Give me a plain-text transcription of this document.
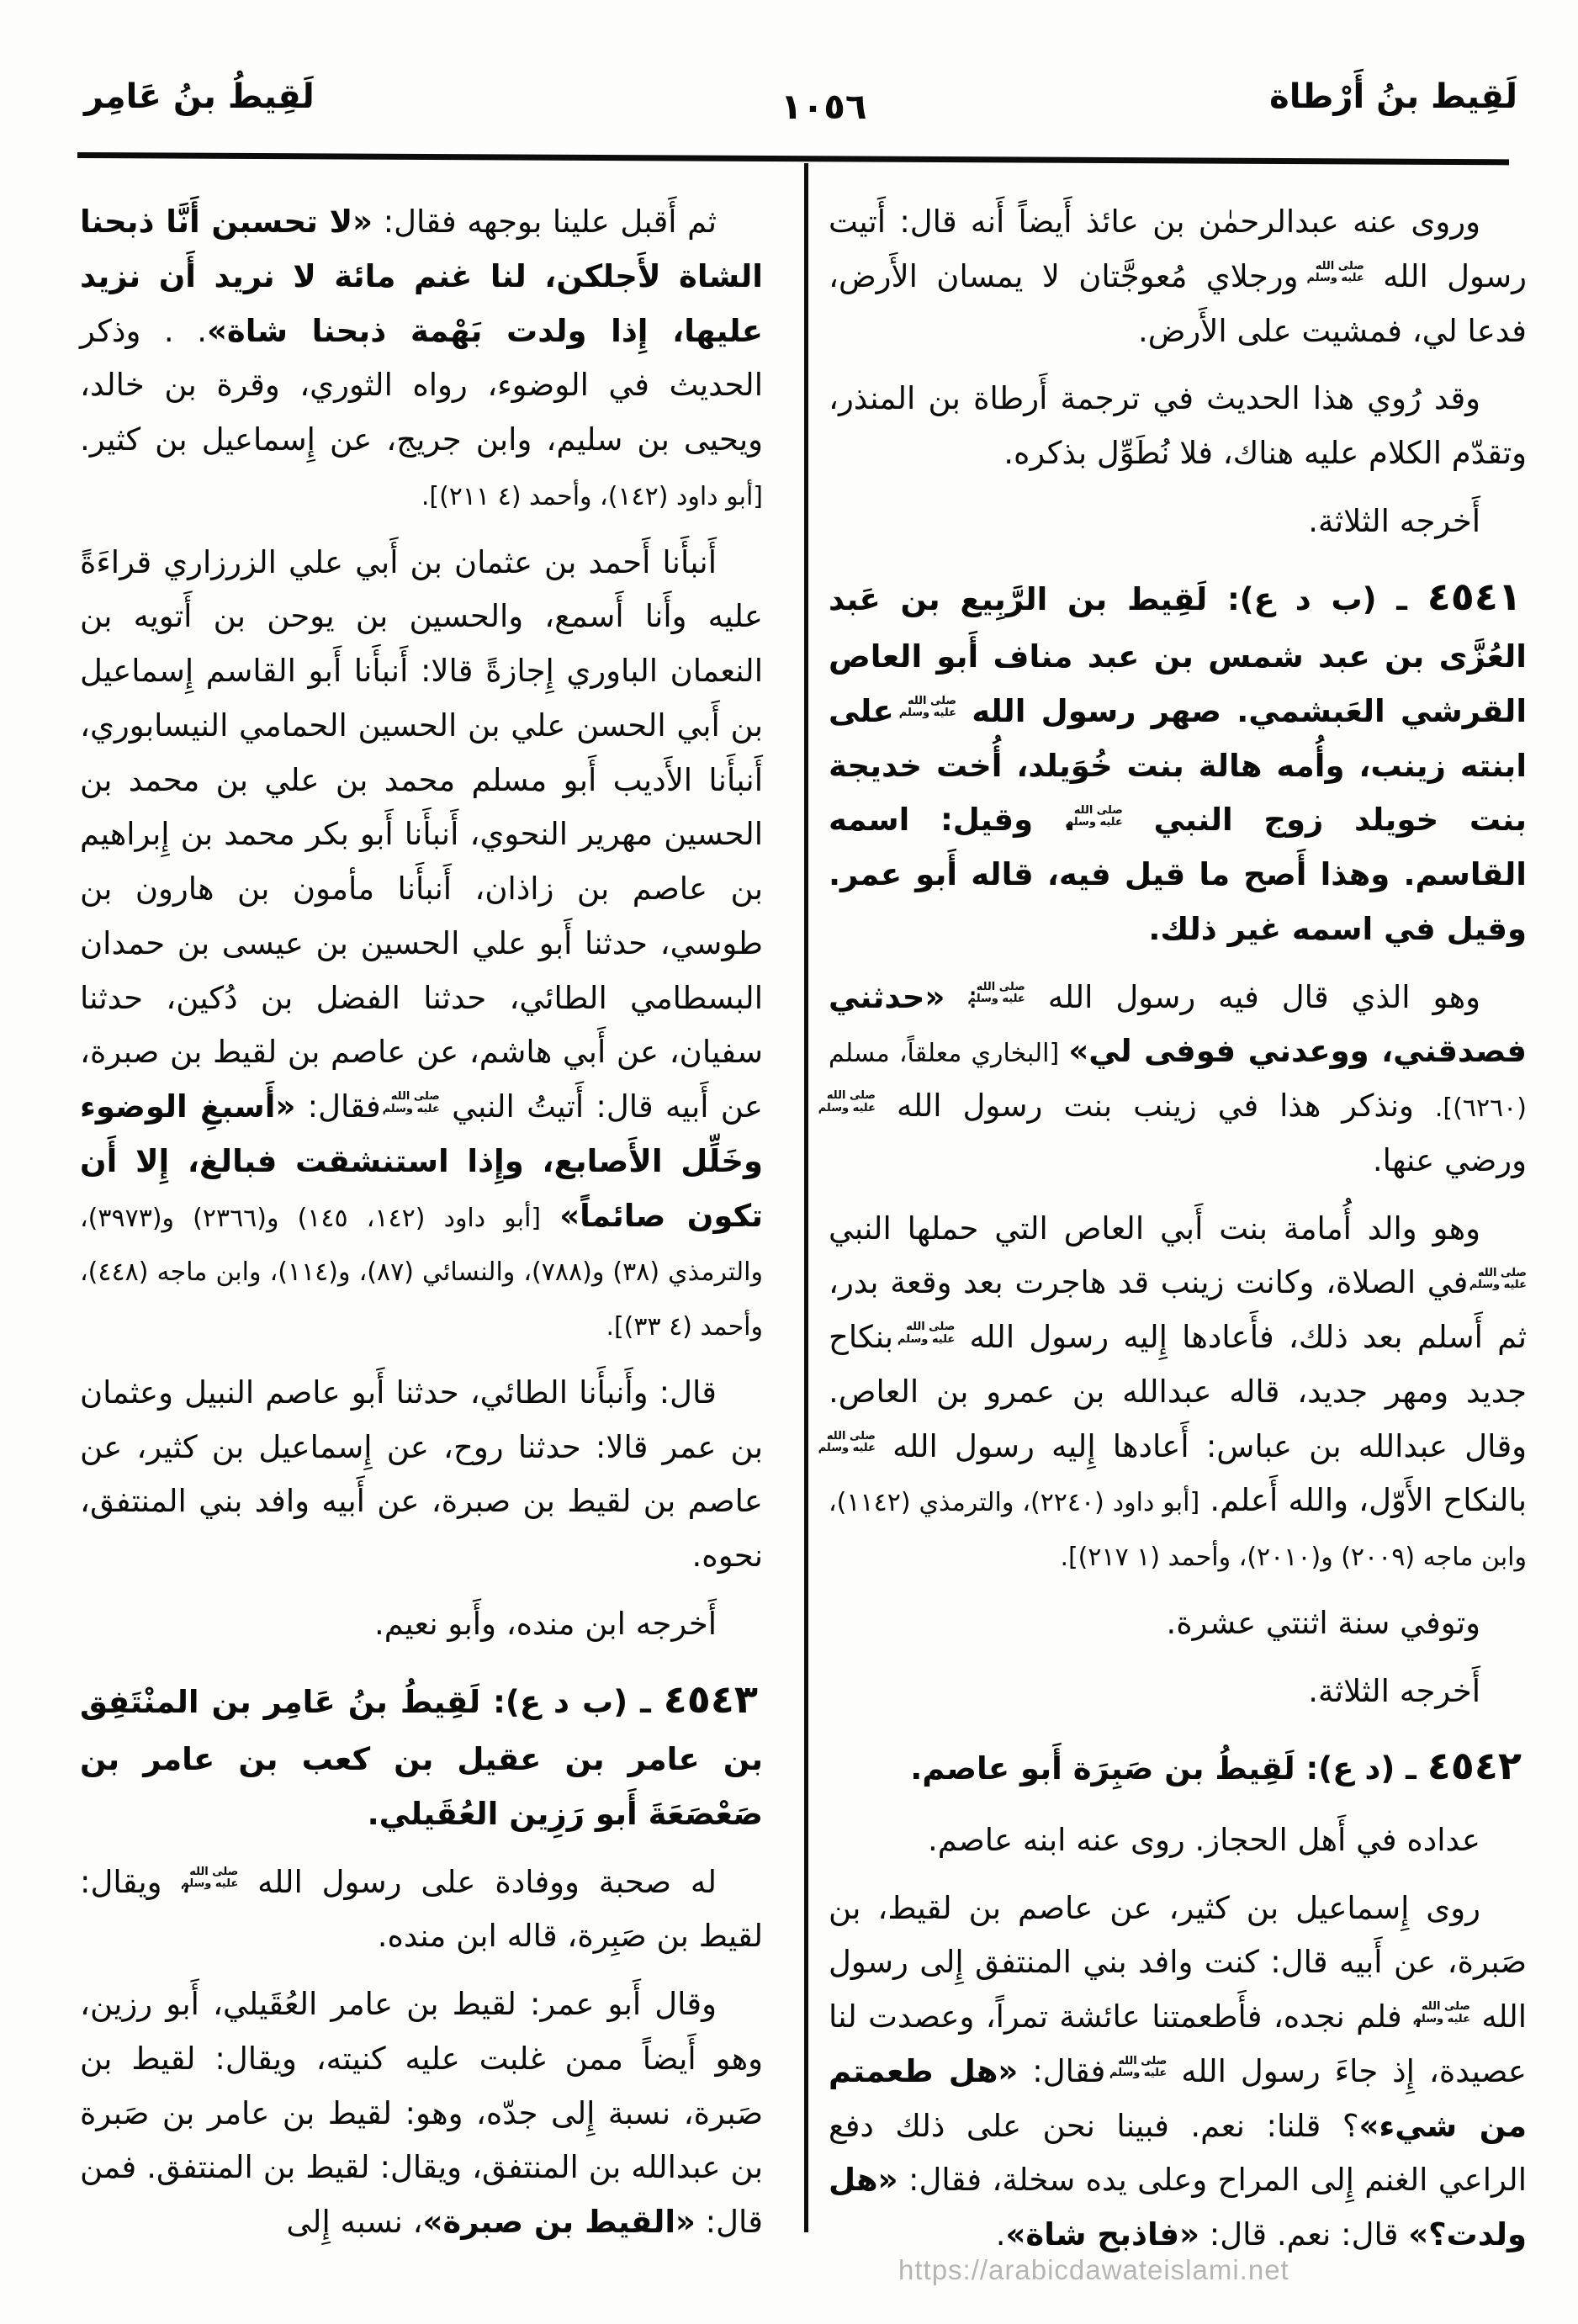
لَقِيط بنُ أَرْطاة
١٠٥٦
لَقِيطُ بنُ عَامِر

وروى عنه عبدالرحمٰن بن عائذ أَيضاً أَنه قال: أَتيت رسول الله
صلى الله
عليه وسلم
ورجلاي مُعوجَّتان لا يمسان الأَرض، فدعا لي، فمشيت على الأَرض.

وقد رُوي هذا الحديث في ترجمة أَرطاة بن المنذر، وتقدّم الكلام عليه هناك، فلا نُطَوِّل بذكره.

أَخرجه الثلاثة.

٤٥٤١ ـ (ب د ع): لَقِيط بن الرَّبِيع بن عَبد العُزَّى بن عبد شمس بن عبد مناف أَبو العاص القرشي العَبشمي. صهر رسول الله
صلى الله
عليه وسلم
على ابنته زينب، وأُمه هالة بنت خُوَيلد، أُخت خديجة بنت خويلد زوج النبي
صلى الله
عليه وسلم
. وقيل: اسمه القاسم. وهذا أَصح ما قيل فيه، قاله أَبو عمر. وقيل في اسمه غير ذلك.

وهو الذي قال فيه رسول الله
صلى الله
عليه وسلم
: «حدثني فصدقني، ووعدني فوفى لي» [البخاري معلقاً، مسلم (٦٢٦٠)]. ونذكر هذا في زينب بنت رسول الله
صلى الله
عليه وسلم
ورضي عنها.

وهو والد أُمامة بنت أَبي العاص التي حملها النبي
صلى الله
عليه وسلم
في الصلاة، وكانت زينب قد هاجرت بعد وقعة بدر، ثم أَسلم بعد ذلك، فأَعادها إِليه رسول الله
صلى الله
عليه وسلم
بنكاح جديد ومهر جديد، قاله عبدالله بن عمرو بن العاص. وقال عبدالله بن عباس: أَعادها إِليه رسول الله
صلى الله
عليه وسلم
بالنكاح الأَوّل، والله أَعلم. [أبو داود (٢٢٤٠)، والترمذي (١١٤٢)، وابن ماجه (٢٠٠٩) و(٢٠١٠)، وأحمد (١ ٢١٧)].

وتوفي سنة اثنتي عشرة.

أَخرجه الثلاثة.

٤٥٤٢ ـ (د ع): لَقِيطُ بن صَبِرَة أَبو عاصم.

عداده في أَهل الحجاز. روى عنه ابنه عاصم.

روى إِسماعيل بن كثير، عن عاصم بن لقيط، بن صَبرة، عن أَبيه قال: كنت وافد بني المنتفق إِلى رسول الله
صلى الله
عليه وسلم
، فلم نجده، فأَطعمتنا عائشة تمراً، وعصدت لنا عصيدة، إِذ جاءَ رسول الله
صلى الله
عليه وسلم
فقال: «هل طعمتم من شيء»؟ قلنا: نعم. فبينا نحن على ذلك دفع الراعي الغنم إِلى المراح وعلى يده سخلة، فقال: «هل ولدت؟» قال: نعم. قال: «فاذبح شاة».

ثم أَقبل علينا بوجهه فقال: «لا تحسبن أَنَّا ذبحنا الشاة لأَجلكن، لنا غنم مائة لا نريد أَن نزيد عليها، إِذا ولدت بَهْمة ذبحنا شاة». . وذكر الحديث في الوضوء، رواه الثوري، وقرة بن خالد، ويحيى بن سليم، وابن جريج، عن إِسماعيل بن كثير. [أبو داود (١٤٢)، وأحمد (٤ ٢١١)].

أَنبأَنا أَحمد بن عثمان بن أَبي علي الزرزاري قراءَةً عليه وأَنا أَسمع، والحسين بن يوحن بن أَتويه بن النعمان الباوري إِجازةً قالا: أَنبأَنا أَبو القاسم إِسماعيل بن أَبي الحسن علي بن الحسين الحمامي النيسابوري، أَنبأَنا الأَديب أَبو مسلم محمد بن علي بن محمد بن الحسين مهرير النحوي، أَنبأَنا أَبو بكر محمد بن إِبراهيم بن عاصم بن زاذان، أَنبأَنا مأمون بن هارون بن طوسي، حدثنا أَبو علي الحسين بن عيسى بن حمدان البسطامي الطائي، حدثنا الفضل بن دُكين، حدثنا سفيان، عن أَبي هاشم، عن عاصم بن لقيط بن صبرة، عن أَبيه قال: أَتيتُ النبي
صلى الله
عليه وسلم
فقال: «أَسبغِ الوضوء وخَلِّل الأَصابع، وإِذا استنشقت فبالغ، إِلا أَن تكون صائماً» [أبو داود (١٤٢، ١٤٥) و(٢٣٦٦) و(٣٩٧٣)، والترمذي (٣٨) و(٧٨٨)، والنسائي (٨٧)، و(١١٤)، وابن ماجه (٤٤٨)، وأحمد (٤ ٣٣)].

قال: وأَنبأَنا الطائي، حدثنا أَبو عاصم النبيل وعثمان بن عمر قالا: حدثنا روح، عن إِسماعيل بن كثير، عن عاصم بن لقيط بن صبرة، عن أَبيه وافد بني المنتفق، نحوه.

أَخرجه ابن منده، وأَبو نعيم.

٤٥٤٣ ـ (ب د ع): لَقِيطُ بنُ عَامِر بن المنْتَفِق بن عامر بن عقيل بن كعب بن عامر بن صَعْصَعَةَ أَبو رَزِين العُقَيلي.

له صحبة ووفادة على رسول الله
صلى الله
عليه وسلم
، ويقال: لقيط بن صَبِرة، قاله ابن منده.

وقال أَبو عمر: لقيط بن عامر العُقَيلي، أَبو رزين، وهو أَيضاً ممن غلبت عليه كنيته، ويقال: لقيط بن صَبرة، نسبة إِلى جدّه، وهو: لقيط بن عامر بن صَبرة بن عبدالله بن المنتفق، ويقال: لقيط بن المنتفق. فمن قال: «القيط بن صبرة»، نسبه إِلى

https://arabicdawateislami.net
